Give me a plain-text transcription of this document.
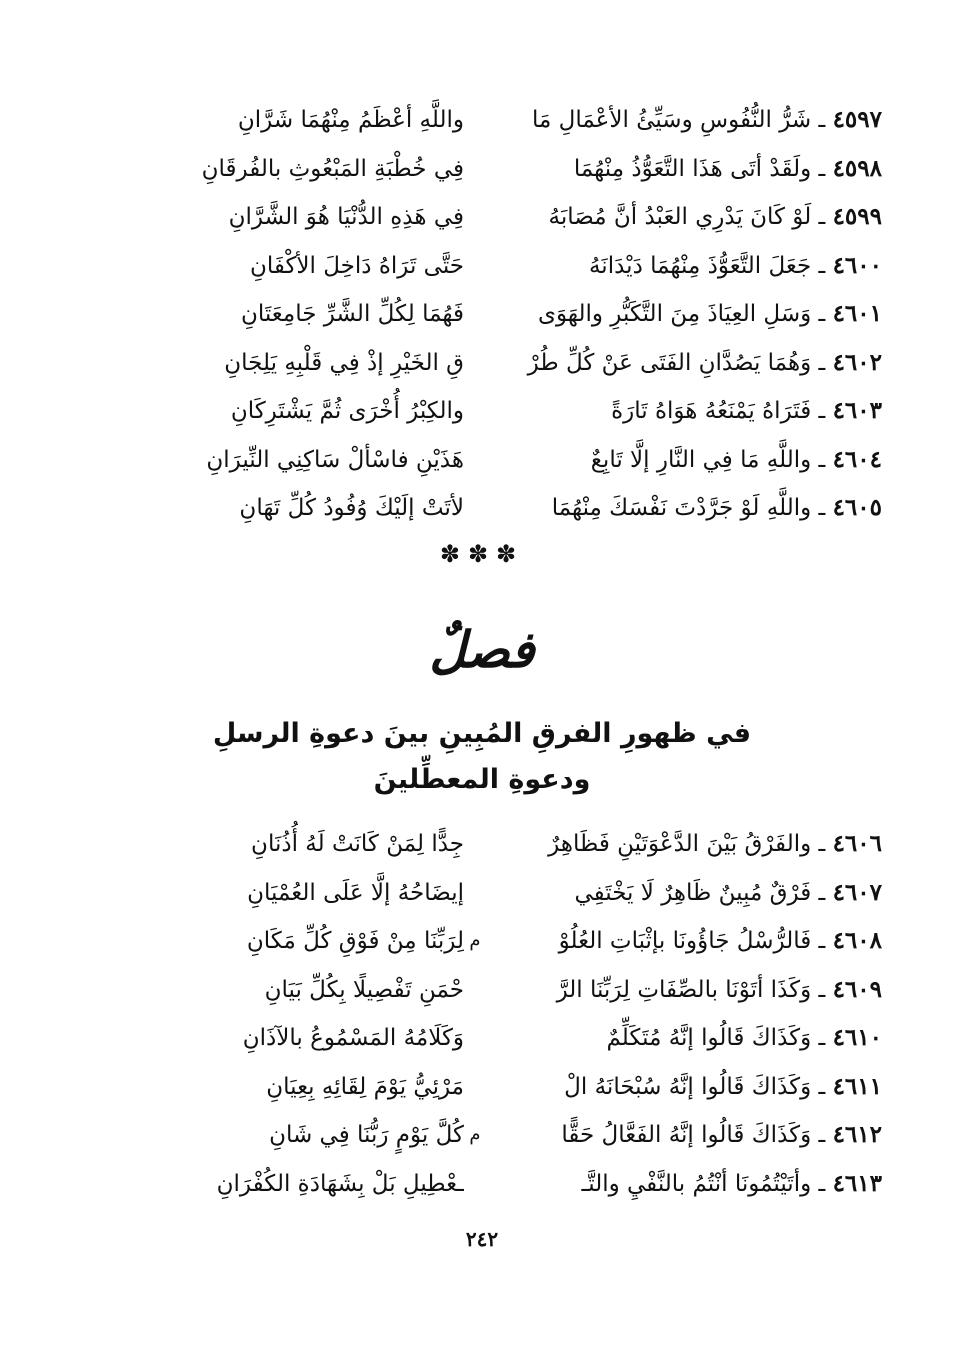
٤٥٩٧ ـ شَرُّ النُّفُوسِ وسَيِّئُ الأعْمَالِ مَا
واللَّهِ أعْظَمُ مِنْهُمَا شَرَّانِ
٤٥٩٨ ـ ولَقَدْ أتَى هَذَا التَّعَوُّذُ مِنْهُمَا
فِي خُطْبَةِ المَبْعُوثِ بالفُرقَانِ
٤٥٩٩ ـ لَوْ كَانَ يَدْرِي العَبْدُ أنَّ مُصَابَهُ
فِي هَذِهِ الدُّنْيَا هُوَ الشَّرَّانِ
٤٦٠٠ ـ جَعَلَ التَّعَوُّذَ مِنْهُمَا دَيْدَانَهُ
حَتَّى تَرَاهُ دَاخِلَ الأكْفَانِ
٤٦٠١ ـ وَسَلِ العِيَاذَ مِنَ التَّكَبُّرِ والهَوَى
فَهُمَا لِكُلِّ الشَّرِّ جَامِعَتَانِ
٤٦٠٢ ـ وَهُمَا يَصُدَّانِ الفَتَى عَنْ كُلِّ طُرْ
قِ الخَيْرِ إذْ فِي قَلْبِهِ يَلِجَانِ
٤٦٠٣ ـ فَتَرَاهُ يَمْنَعُهُ هَوَاهُ تَارَةً
والكِبْرُ أُخْرَى ثُمَّ يَشْتَرِكَانِ
٤٦٠٤ ـ واللَّهِ مَا فِي النَّارِ إلَّا تَابِعٌ
هَذَيْنِ فاسْألْ سَاكِنِي النِّيرَانِ
٤٦٠٥ ـ واللَّهِ لَوْ جَرَّدْتَ نَفْسَكَ مِنْهُمَا
لأتَتْ إلَيْكَ وُفُودُ كُلِّ تَهَانِ
✽✽✽
فصلٌ
في ظهورِ الفرقِ المُبِينِ بينَ دعوةِ الرسلِ
ودعوةِ المعطِّلينَ
٤٦٠٦ ـ والفَرْقُ بَيْنَ الدَّعْوَتَيْنِ فَظَاهِرٌ
جِدًّا لِمَنْ كَانَتْ لَهُ أُذُنَانِ
٤٦٠٧ ـ فَرْقٌ مُبِينٌ ظَاهِرٌ لَا يَخْتَفِي
إيضَاحُهُ إلَّا عَلَى العُمْيَانِ
٤٦٠٨ ـ فَالرُّسْلُ جَاؤُونَا بإثْبَاتِ العُلُوْ
م
لِرَبِّنَا مِنْ فَوْقِ كُلِّ مَكَانِ
٤٦٠٩ ـ وَكَذَا أتَوْنَا بالصِّفَاتِ لِرَبِّنَا الرَّ
حْمَنِ تَفْصِيلًا بِكُلِّ بَيَانِ
٤٦١٠ ـ وَكَذَاكَ قَالُوا إنَّهُ مُتَكَلِّمٌ
وَكَلَامُهُ المَسْمُوعُ بالآذَانِ
٤٦١١ ـ وَكَذَاكَ قَالُوا إنَّهُ سُبْحَانَهُ الْ
مَرْئِيُّ يَوْمَ لِقَائِهِ بِعِيَانِ
٤٦١٢ ـ وَكَذَاكَ قَالُوا إنَّهُ الفَعَّالُ حَقًّا
م
كُلَّ يَوْمٍ رَبُّنَا فِي شَانِ
٤٦١٣ ـ وأتَيْتُمُونَا أنْتُمُ بالنَّفْيِ والتَّـ
ـعْطِيلِ بَلْ بِشَهَادَةِ الكُفْرَانِ
٢٤٢
